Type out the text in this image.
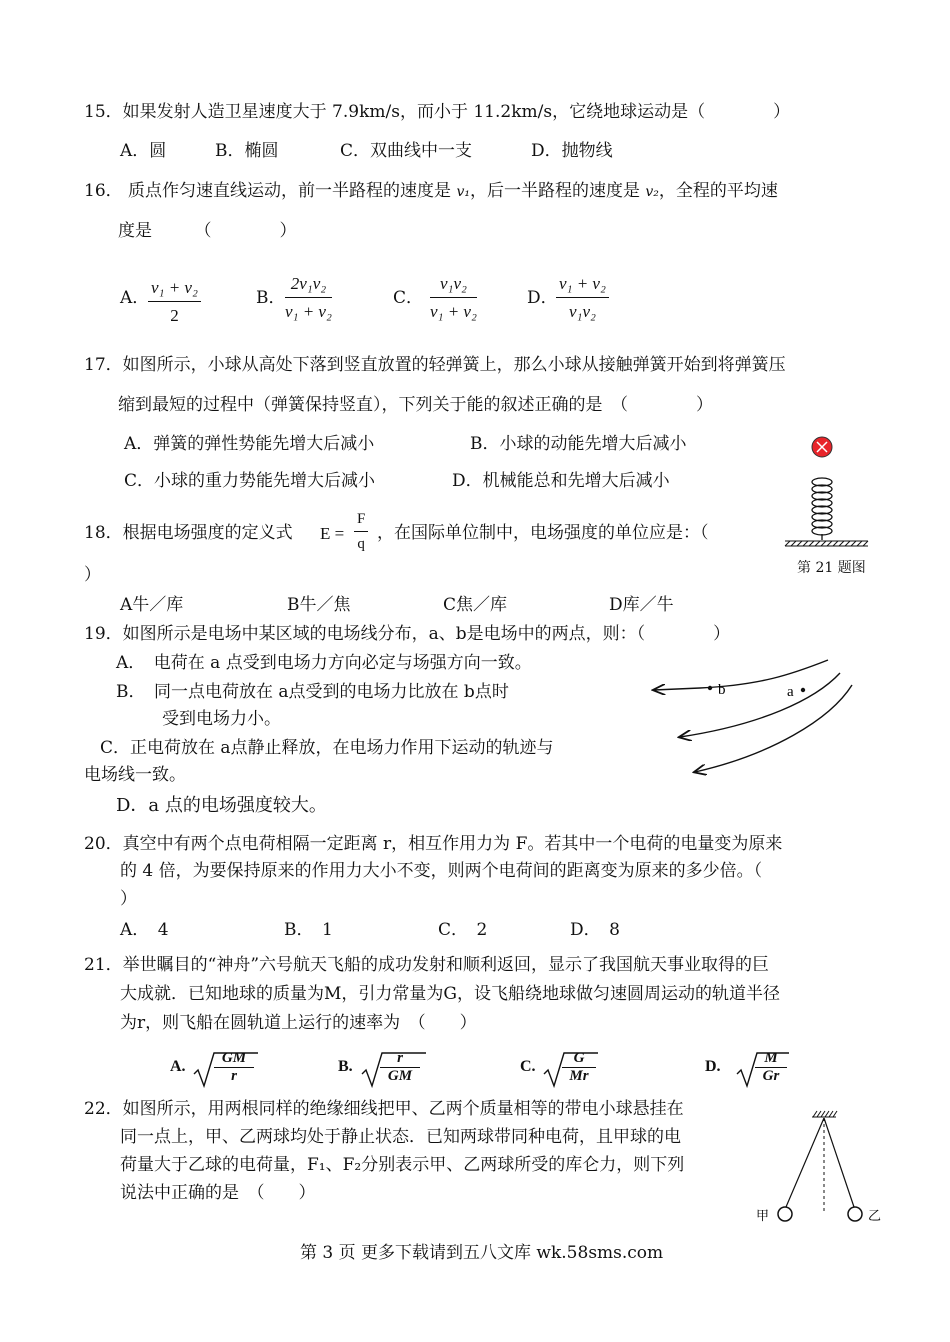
15．如果发射人造卫星速度大于 7.9km/s，而小于 11.2km/s，它绕地球运动是（　　　　）
A．圆	B．椭圆	C．双曲线中一支	D．抛物线
16． 质点作匀速直线运动，前一半路程的速度是 v₁，后一半路程的速度是 v₂，全程的平均速
度是　　　（　　　　）
A．
$\frac{\text{v₁ + v₂}}{2}$	B． $\frac{\text{2v₁v₂}}{\text{v₁ + v₂}}$	C． $\frac{\text{v₁v₂}}{\text{v₁ + v₂}}$	D．
$\frac{\text{v₁ + v₂}}{\text{v₁v₂}}$
17．如图所示，小球从高处下落到竖直放置的轻弹簧上，那么小球从接触弹簧开始到将弹簧压
缩到最短的过程中（弹簧保持竖直），下列关于能的叙述正确的是　（　　　　）
A．弹簧的弹性势能先增大后减小	B．小球的动能先增大后减小
C．小球的重力势能先增大后减小	D．机械能总和先增大后减小
第 21 题图
18．根据电场强度的定义式 $E = \frac{F}{q}$ ，在国际单位制中，电场强度的单位应是：（
）
A牛／库	B牛／焦	C焦／库	D库／牛
19．如图所示是电场中某区域的电场线分布，a、b是电场中的两点，则：（　　　　）
A．　电荷在 a 点受到电场力方向必定与场强方向一致。
B．　同一点电荷放在 a点受到的电场力比放在 b点时
受到电场力小。
C．正电荷放在 a点静止释放，在电场力作用下运动的轨迹与
电场线一致。
D．a 点的电场强度较大。
b	a
20．真空中有两个点电荷相隔一定距离 r，相互作用力为 F。若其中一个电荷的电量变为原来
的 4 倍，为要保持原来的作用力大小不变，则两个电荷间的距离变为原来的多少倍。（
）
A．　4	B．　1	C．　2	D．　8
21．举世瞩目的“神舟”六号航天飞船的成功发射和顺利返回，显示了我国航天事业取得的巨
大成就．已知地球的质量为M，引力常量为G，设飞船绕地球做匀速圆周运动的轨道半径
为r，则飞船在圆轨道上运行的速率为　（　　）
A.	GM
r
B.	r
GM
C.	G
Mr
D.	M
Gr
22．如图所示，用两根同样的绝缘细线把甲、乙两个质量相等的带电小球悬挂在
同一点上，甲、乙两球均处于静止状态．已知两球带同种电荷，且甲球的电
荷量大于乙球的电荷量，F₁、F₂分别表示甲、乙两球所受的库仑力，则下列
说法中正确的是　（　　）
甲	乙
第 3 页 更多下载请到五八文库 wk.58sms.com
